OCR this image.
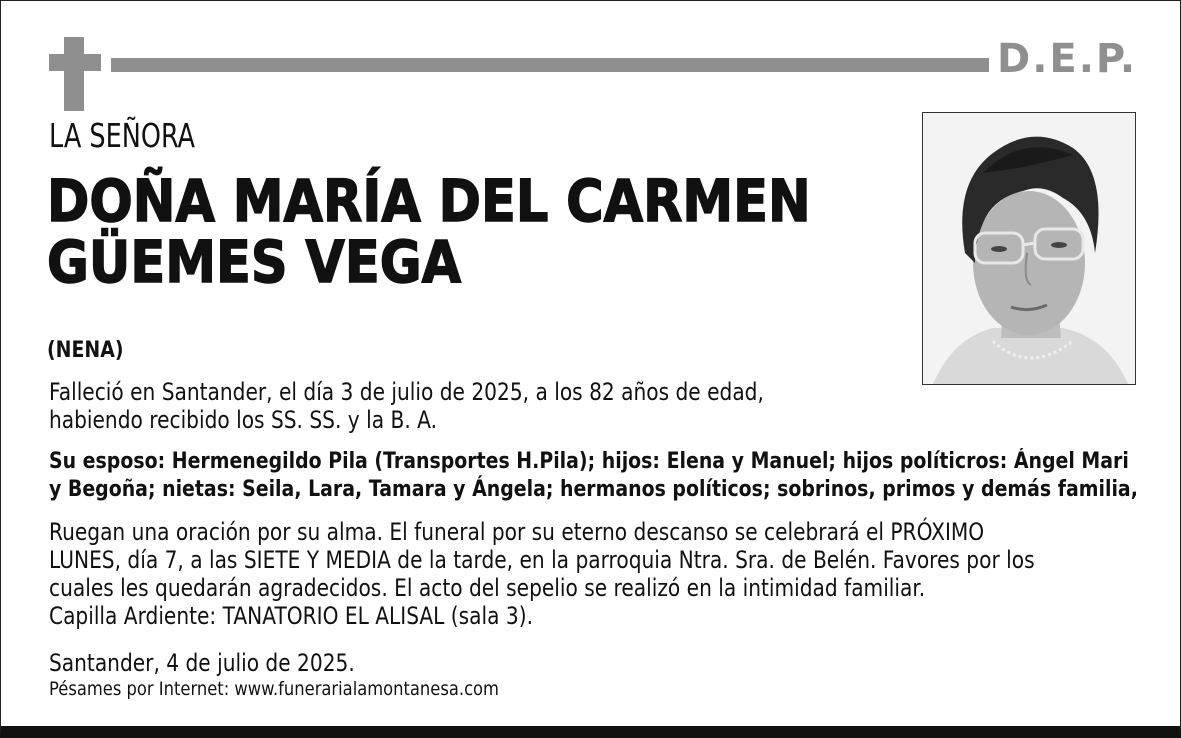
D.E.P.
LA SEÑORA
DOÑA MARÍA DEL CARMEN
GÜEMES VEGA
(NENA)
Falleció en Santander, el día 3 de julio de 2025, a los 82 años de edad,
habiendo recibido los SS. SS. y la B. A.
Su esposo: Hermenegildo Pila (Transportes H.Pila); hijos: Elena y Manuel; hijos políticros: Ángel Mari
y Begoña; nietas: Seila, Lara, Tamara y Ángela; hermanos políticos; sobrinos, primos y demás familia,
Ruegan una oración por su alma. El funeral por su eterno descanso se celebrará el PRÓXIMO
LUNES, día 7, a las SIETE Y MEDIA de la tarde, en la parroquia Ntra. Sra. de Belén. Favores por los
cuales les quedarán agradecidos. El acto del sepelio se realizó en la intimidad familiar.
Capilla Ardiente: TANATORIO EL ALISAL (sala 3).
Santander, 4 de julio de 2025.
Pésames por Internet: www.funerarialamontanesa.com
